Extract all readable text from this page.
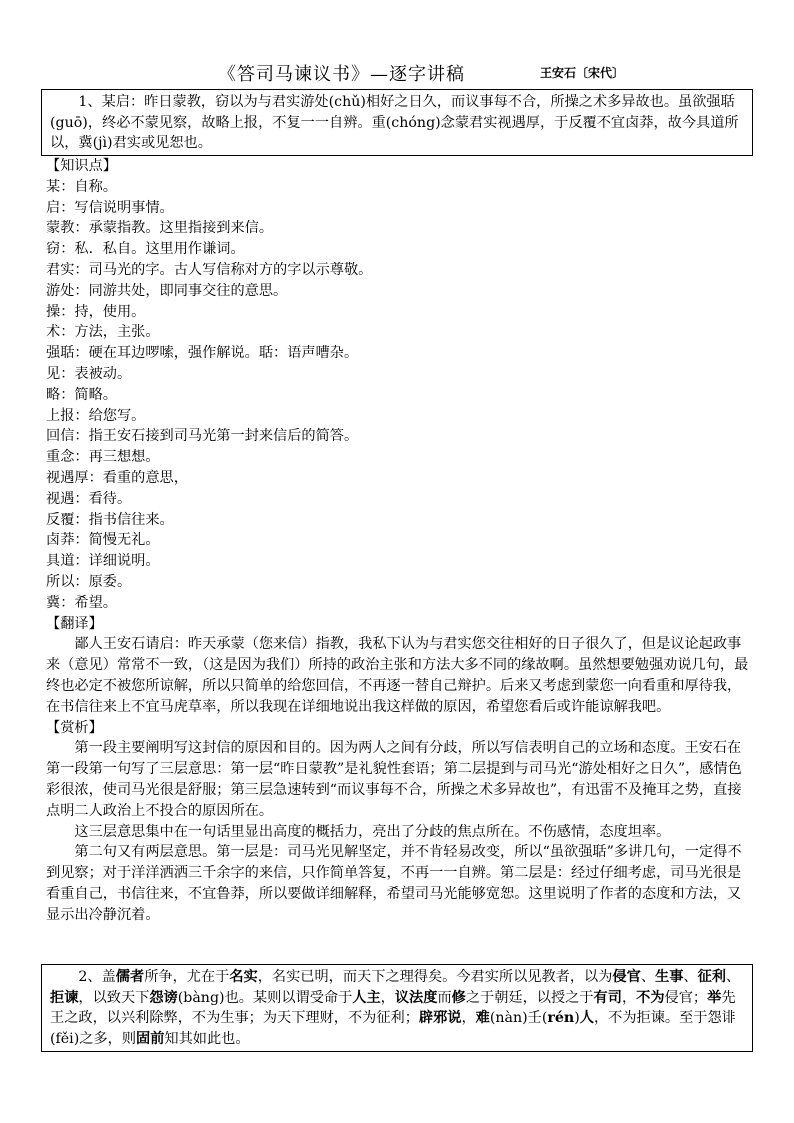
《答司马谏议书》—逐字讲稿	王安石〔宋代〕

1、某启：昨日蒙教，窃以为与君实游处(chǔ)相好之日久，而议事每不合，所操之术多异故也。虽欲强聒(guō)，终必不蒙见察，故略上报，不复一一自辨。重(chóng)念蒙君实视遇厚，于反覆不宜卤莽，故今具道所以，冀(jì)君实或见恕也。

【知识点】

某：自称。

启：写信说明事情。

蒙教：承蒙指教。这里指接到来信。

窃：私．私自。这里用作谦词。

君实：司马光的字。古人写信称对方的字以示尊敬。

游处：同游共处，即同事交往的意思。

操：持，使用。

术：方法，主张。

强聒：硬在耳边啰嗦，强作解说。聒：语声嘈杂。

见：表被动。

略：简略。

上报：给您写。

回信：指王安石接到司马光第一封来信后的简答。

重念：再三想想。

视遇厚：看重的意思，

视遇：看待。

反覆：指书信往来。

卤莽：简慢无礼。

具道：详细说明。

所以：原委。

冀：希望。

【翻译】

鄙人王安石请启：昨天承蒙（您来信）指教，我私下认为与君实您交往相好的日子很久了，但是议论起政事来（意见）常常不一致，（这是因为我们）所持的政治主张和方法大多不同的缘故啊。虽然想要勉强劝说几句，最终也必定不被您所谅解，所以只简单的给您回信，不再逐一替自己辩护。后来又考虑到蒙您一向看重和厚待我，在书信往来上不宜马虎草率，所以我现在详细地说出我这样做的原因，希望您看后或许能谅解我吧。

【赏析】

第一段主要阐明写这封信的原因和目的。因为两人之间有分歧，所以写信表明自己的立场和态度。王安石在第一段第一句写了三层意思：第一层“昨日蒙教”是礼貌性套语；第二层提到与司马光“游处相好之日久”，感情色彩很浓，使司马光很是舒服；第三层急速转到“而议事每不合，所操之术多异故也”，有迅雷不及掩耳之势，直接点明二人政治上不投合的原因所在。

这三层意思集中在一句话里显出高度的概括力，亮出了分歧的焦点所在。不伤感情，态度坦率。

第二句又有两层意思。第一层是：司马光见解坚定，并不肯轻易改变，所以“虽欲强聒”多讲几句，一定得不到见察；对于洋洋洒洒三千余字的来信，只作简单答复，不再一一自辨。第二层是：经过仔细考虑，司马光很是看重自己，书信往来，不宜鲁莽，所以要做详细解释，希望司马光能够宽恕。这里说明了作者的态度和方法，又显示出冷静沉着。

2、盖儒者所争，尤在于名实，名实已明，而天下之理得矣。今君实所以见教者，以为侵官、生事、征利、拒谏，以致天下怨谤(bàng)也。某则以谓受命于人主，议法度而修之于朝廷，以授之于有司，不为侵官；举先王之政，以兴利除弊，不为生事；为天下理财，不为征利；辟邪说，难(nàn)壬(rén)人，不为拒谏。至于怨诽(fěi)之多，则固前知其如此也。
